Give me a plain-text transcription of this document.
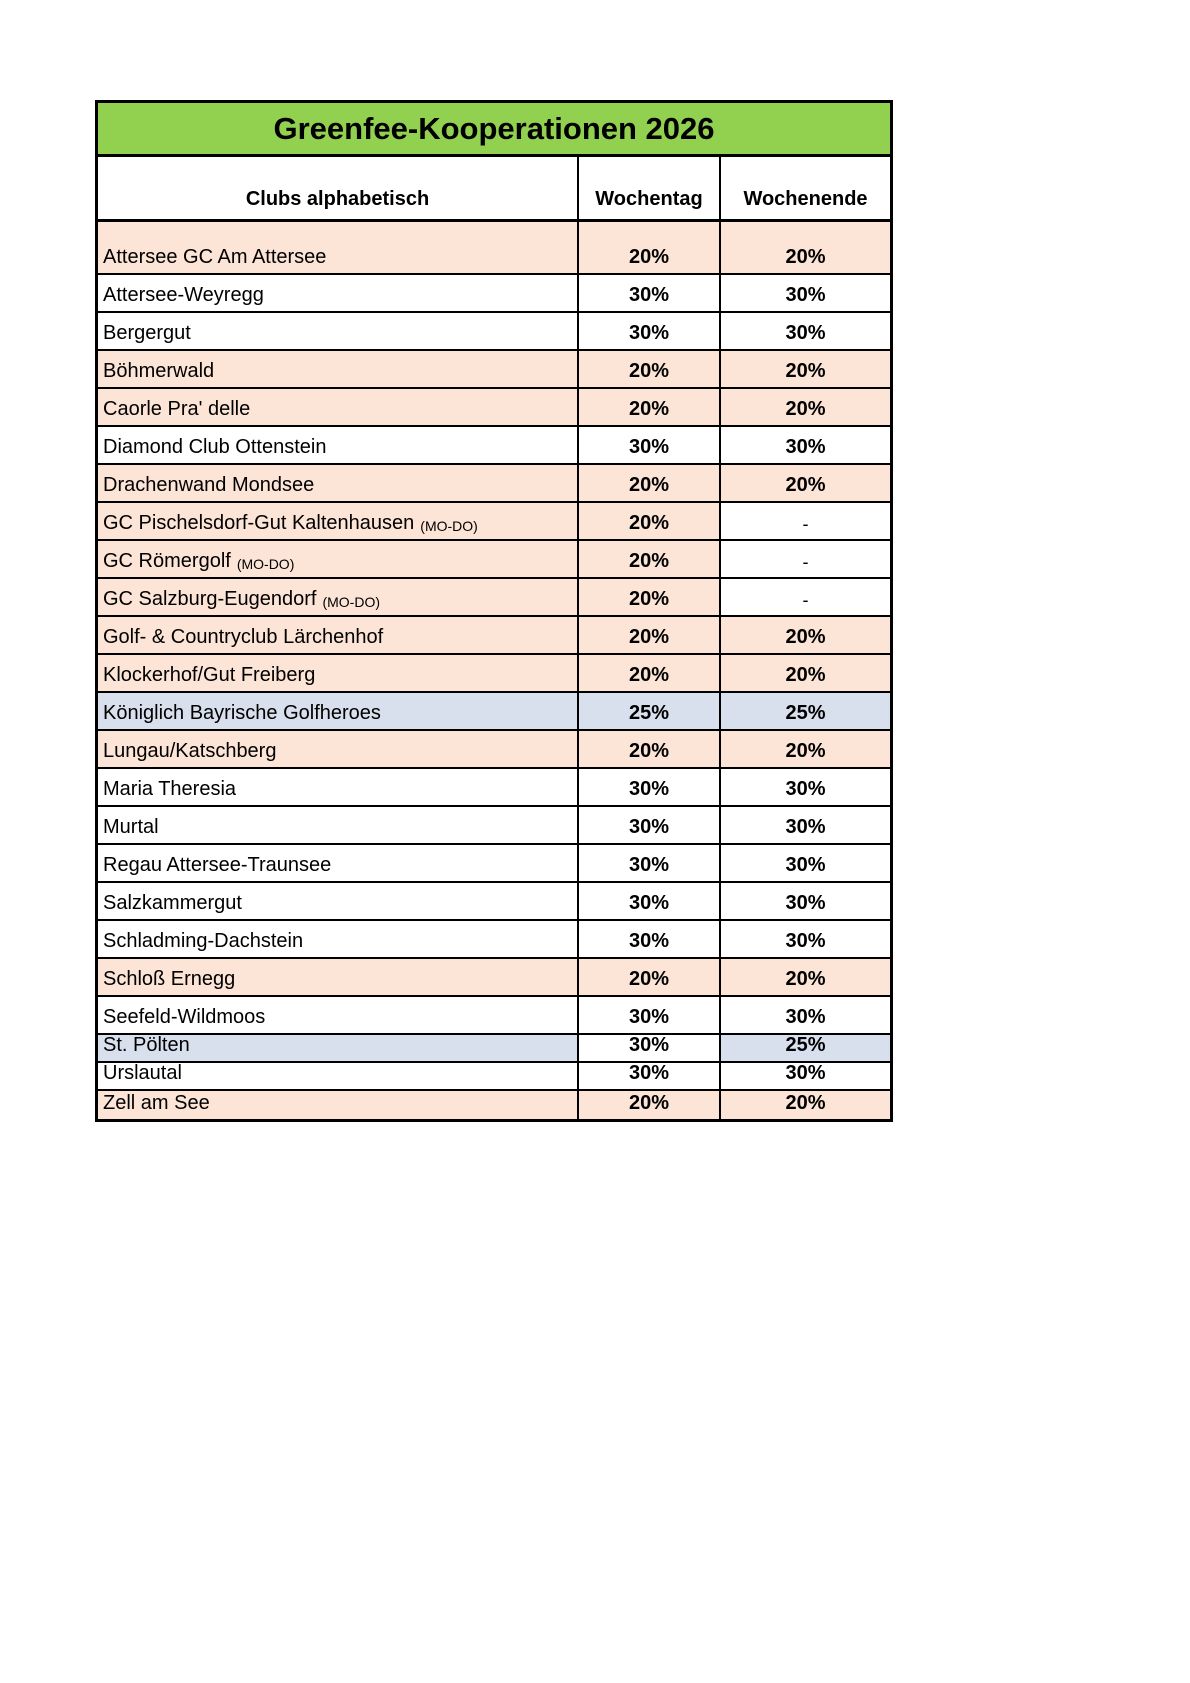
Greenfee-Kooperationen 2026
Clubs alphabetisch	Wochentag	Wochenende
Attersee GC Am Attersee	20%	20%
Attersee-Weyregg	30%	30%
Bergergut	30%	30%
Böhmerwald	20%	20%
Caorle Pra' delle	20%	20%
Diamond Club Ottenstein	30%	30%
Drachenwand Mondsee	20%	20%
GC Pischelsdorf-Gut Kaltenhausen (MO-DO)	20%	-
GC Römergolf (MO-DO)	20%	-
GC Salzburg-Eugendorf (MO-DO)	20%	-
Golf- & Countryclub Lärchenhof	20%	20%
Klockerhof/Gut Freiberg	20%	20%
Königlich Bayrische Golfheroes	25%	25%
Lungau/Katschberg	20%	20%
Maria Theresia	30%	30%
Murtal	30%	30%
Regau Attersee-Traunsee	30%	30%
Salzkammergut	30%	30%
Schladming-Dachstein	30%	30%
Schloß Ernegg	20%	20%
Seefeld-Wildmoos	30%	30%
St. Pölten	30%	25%
Urslautal	30%	30%
Zell am See	20%	20%
